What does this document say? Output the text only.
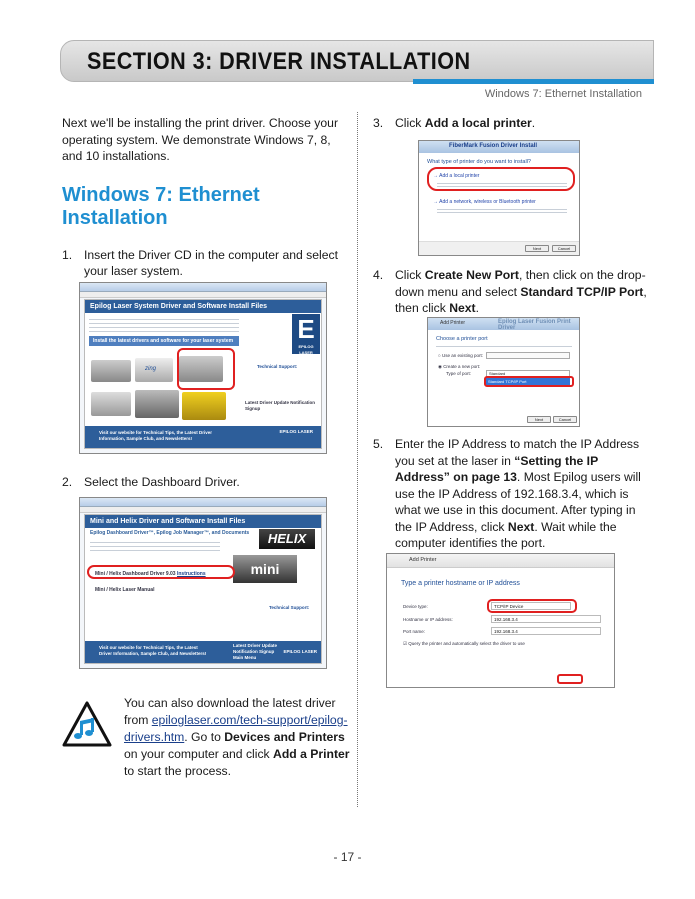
SECTION 3: DRIVER INSTALLATION
Windows 7: Ethernet Installation

Next we'll be installing the print driver. Choose your operating system. We demonstrate Windows 7, 8, and 10 installations.

Windows 7: Ethernet Installation
1. Insert the Driver CD in the computer and select your laser system.
Epilog Laser System Driver and Software Install Files
Install the latest drivers and software for your laser system E
EPILOG LASER
zing	Technical Support:
Latest Driver Update Notification Signup
Visit our website for Technical Tips, the Latest Driver Information, Sample Club, and Newsletters!
EPILOG LASER
2. Select the Dashboard Driver.
Mini and Helix Driver and Software Install Files
Epilog Dashboard Driver™, Epilog Job Manager™, and Documents	HELIX
mini
Mini / Helix Dashboard Driver 9.03 Instructions
Mini / Helix Laser Manual
Technical Support:
Visit our website for Technical Tips, the Latest Driver Information, Sample Club, and Newsletters!
Latest Driver Update Notification Signup
Main Menu
EPILOG LASER
You can also download the latest driver from epiloglaser.com/tech-support/epilog-drivers.htm. Go to Devices and Printers on your computer and click Add a Printer to start the process.
3. Click Add a local printer.
FiberMark Fusion Driver Install
What type of printer do you want to install?
→ Add a local printer
→ Add a network, wireless or Bluetooth printer
Next	Cancel
4. Click Create New Port, then click on the drop-down menu and select Standard TCP/IP Port, then click Next.
Add Printer	Epilog Laser Fusion Print Driver
Choose a printer port
○ Use an existing port:
◉ Create a new port:
Type of port:	Standard
Standard TCP/IP Port
Next	Cancel
5. Enter the IP Address to match the IP Address you set at the laser in “Setting the IP Address” on page 13. Most Epilog users will use the IP Address of 192.168.3.4, which is what we use in this document. After typing in the IP Address, click Next. Wait while the computer identifies the port.
Add Printer
Type a printer hostname or IP address
Device type:	TCP/IP Device
Hostname or IP address:	192.168.3.4
Port name:	192.168.3.4
☑ Query the printer and automatically select the driver to use
- 17 -
